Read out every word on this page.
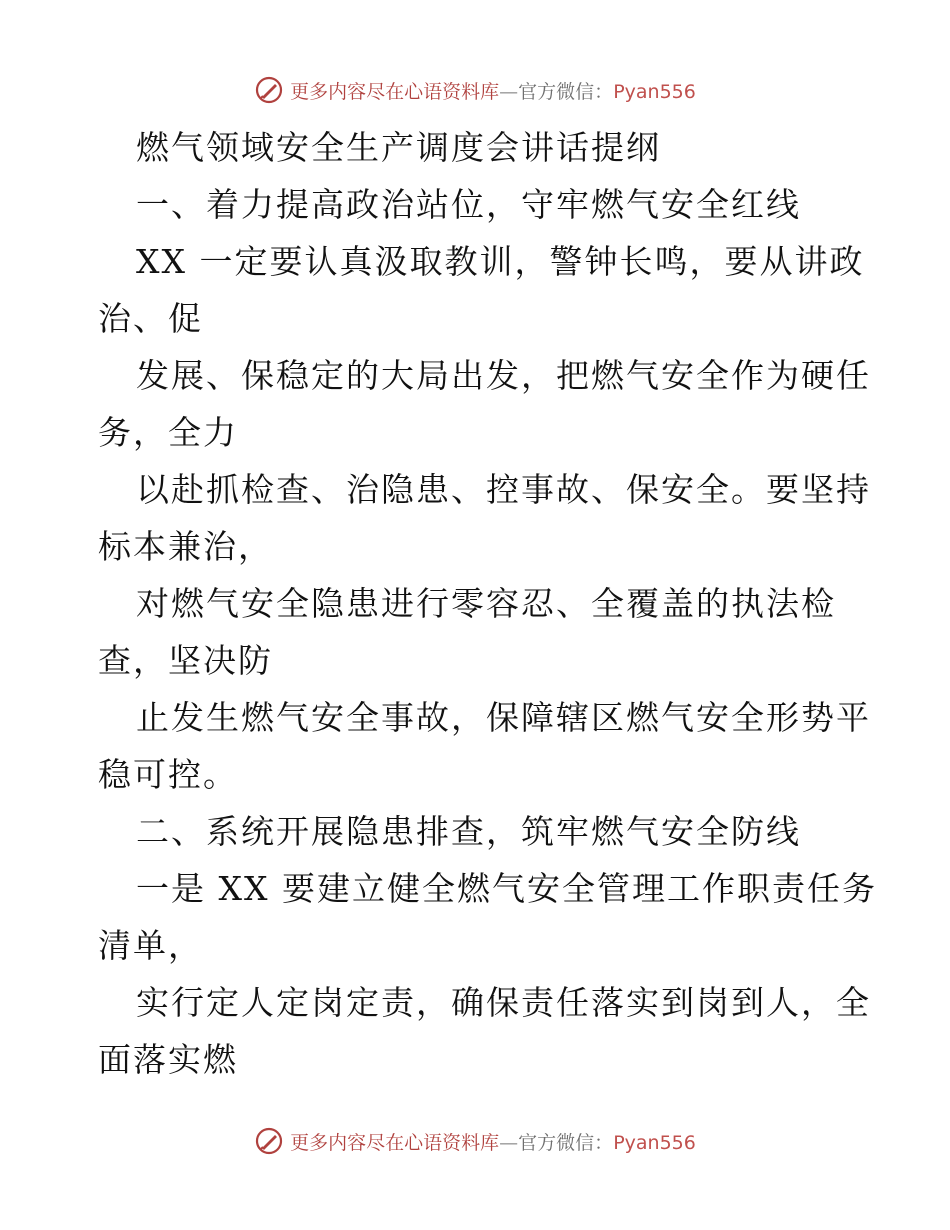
更多内容尽在心语资料库—官方微信：Pyan556
燃气领域安全生产调度会讲话提纲
一、着力提高政治站位，守牢燃气安全红线
XX 一定要认真汲取教训，警钟长鸣，要从讲政
治、促
发展、保稳定的大局出发，把燃气安全作为硬任
务，全力
以赴抓检查、治隐患、控事故、保安全。要坚持
标本兼治，
对燃气安全隐患进行零容忍、全覆盖的执法检
查，坚决防
止发生燃气安全事故，保障辖区燃气安全形势平
稳可控。
二、系统开展隐患排查，筑牢燃气安全防线
一是 XX 要建立健全燃气安全管理工作职责任务
清单，
实行定人定岗定责，确保责任落实到岗到人，全
面落实燃
更多内容尽在心语资料库—官方微信：Pyan556
